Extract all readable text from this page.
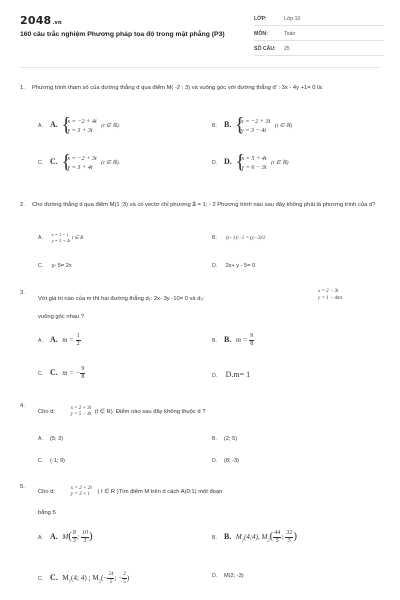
2048.vn
160 câu trắc nghiệm Phương pháp tọa độ trong mặt phẳng (P3)
LỚP:	Lớp 10
MÔN:	Toán
SỐ CÂU: 25
1. Phương trình tham số của đường thẳng d qua điểm M( -2 ; 3) và vuông góc với đường thẳng d' : 3x - 4y +1= 0 là:
A. A. { x = −2 + 4t
y = 3 + 3t (t ∈ ℝ).	B. B. { x = −2 + 3t
y = 3 − 4t (t ∈ ℝ)
C. C. { x = −2 + 3t
y = 3 + 4t (t ∈ ℝ).	D. D. { x = 5 + 4t
y = 6 − 3t (t ∈ ℝ)
2. Cho đường thẳng d qua điểm M(1 ;3) và có vectơ chỉ phương a⃗ = 1; - 2 Phương trình nào sau đây không phải là phương trình của d?
A. x = 1 − t
y = 3 + 2t t ∈ R	B. (x−1)/−1 = (y−3)/2
C. y- 5= 2x	D. 2x+ y - 5= 0
3.
Với giá trị nào của m thì hai đường thẳng d₁: 2x- 3y -10= 0 và d₂:
x = 2 − 3t
y = 1 − 4mt
vuông góc nhau ?
A. A. $m = \frac{1}{2}$	B. B. $m = \frac{9}{8}$
C. C. m = − $\frac{9}{8}$	D. D.m= 1
4.
Cho d: x = 2 + 3t
y = 5 − 4t (t ∈ R). Điểm nào sau đây không thuộc d ?
A. (5; 3)	B. (2; 5)
C. (-1; 9)	D. (8; -3)
5.
Cho d: x = 2 + 2t
y = 3 + t ( t ∈ R )Tìm điểm M trên d cách A(0;1) một đoạn
bằng 5
A. A. $M( \frac{8}{3}$ ; $\frac{10}{3}$ )	B. B. $M_1(4;4)$, $M_2( \frac{44}{5}$ ; $\frac{32}{5}$ )
C. C. $M_1(4$; 4) ; $M_2(- \frac{24}{5}$ ; − $\frac{2}{5}$ )	D. M(2; -3)
